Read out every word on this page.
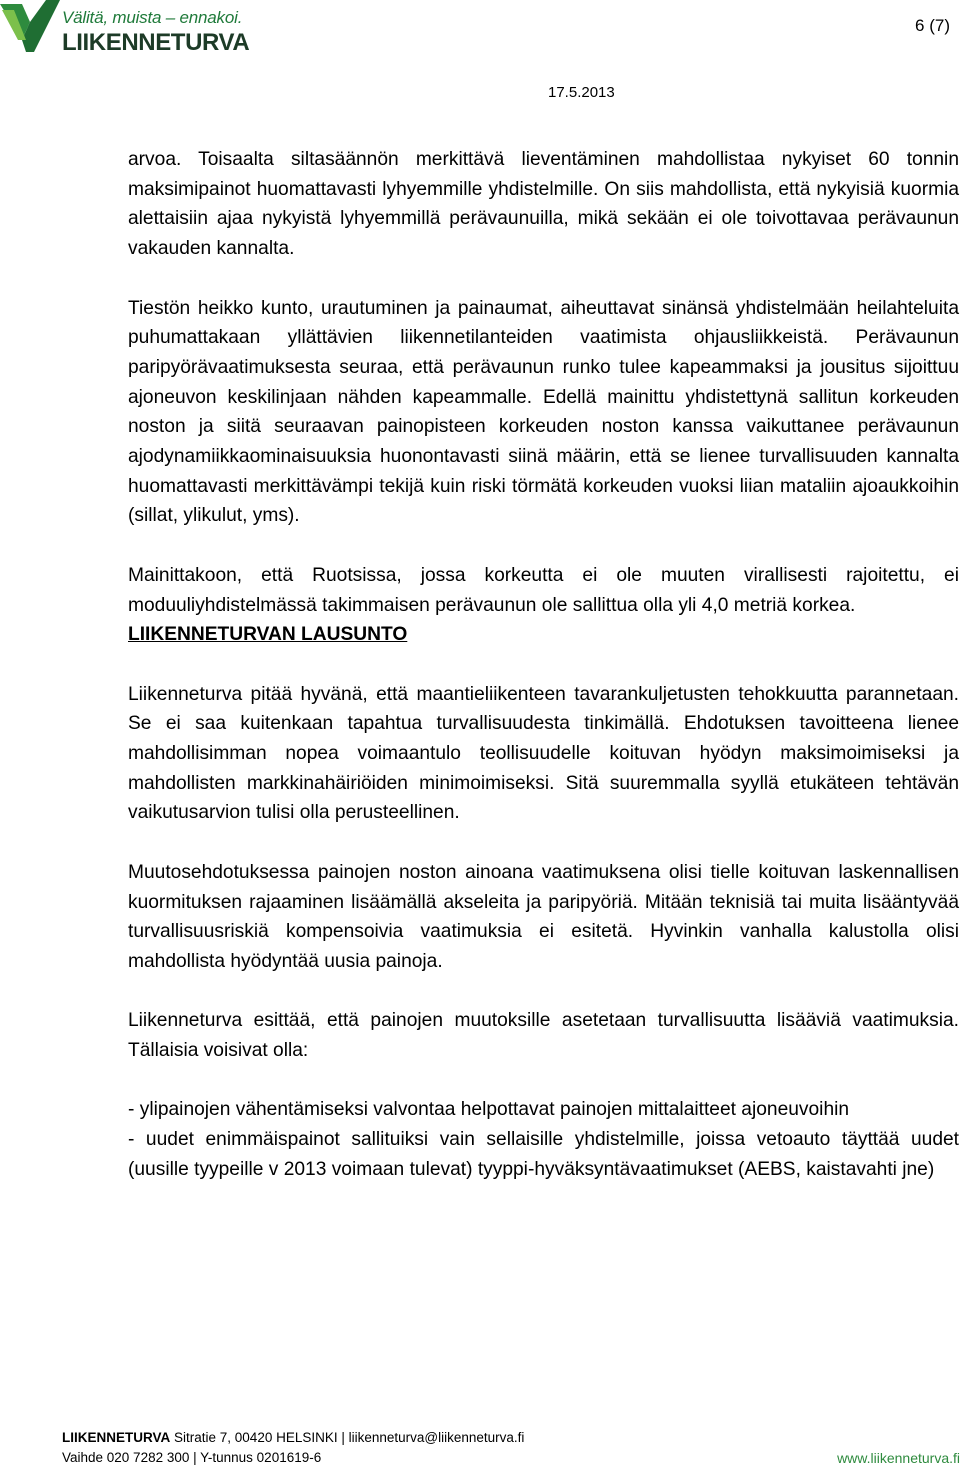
Välitä, muista – ennakoi.
LIIKENNETURVA
6 (7)
17.5.2013

arvoa. Toisaalta siltasäännön merkittävä lieventäminen mahdollistaa nykyiset 60 tonnin maksimipainot huomattavasti lyhyemmille yhdistelmille. On siis mahdollista, että nykyisiä kuormia alettaisiin ajaa nykyistä lyhyemmillä perävaunuilla, mikä sekään ei ole toivottavaa perävaunun vakauden kannalta.

Tiestön heikko kunto, urautuminen ja painaumat, aiheuttavat sinänsä yhdistelmään heilahteluita puhumattakaan yllättävien liikennetilanteiden vaatimista ohjausliikkeistä. Perävaunun paripyörävaatimuksesta seuraa, että perävaunun runko tulee kapeammaksi ja jousitus sijoittuu ajoneuvon keskilinjaan nähden kapeammalle. Edellä mainittu yhdistettynä sallitun korkeuden noston ja siitä seuraavan painopisteen korkeuden noston kanssa vaikuttanee perävaunun ajodynamiikkaominaisuuksia huonontavasti siinä määrin, että se lienee turvallisuuden kannalta huomattavasti merkittävämpi tekijä kuin riski törmätä korkeuden vuoksi liian mataliin ajoaukkoihin (sillat, ylikulut, yms).

Mainittakoon, että Ruotsissa, jossa korkeutta ei ole muuten virallisesti rajoitettu, ei moduuliyhdistelmässä takimmaisen perävaunun ole sallittua olla yli 4,0 metriä korkea.

LIIKENNETURVAN LAUSUNTO

Liikenneturva pitää hyvänä, että maantieliikenteen tavarankuljetusten tehokkuutta parannetaan. Se ei saa kuitenkaan tapahtua turvallisuudesta tinkimällä. Ehdotuksen tavoitteena lienee mahdollisimman nopea voimaantulo teollisuudelle koituvan hyödyn maksimoimiseksi ja mahdollisten markkinahäiriöiden minimoimiseksi. Sitä suuremmalla syyllä etukäteen tehtävän vaikutusarvion tulisi olla perusteellinen.

Muutosehdotuksessa painojen noston ainoana vaatimuksena olisi tielle koituvan laskennallisen kuormituksen rajaaminen lisäämällä akseleita ja paripyöriä. Mitään teknisiä tai muita lisääntyvää turvallisuusriskiä kompensoivia vaatimuksia ei esitetä. Hyvinkin vanhalla kalustolla olisi mahdollista hyödyntää uusia painoja.

Liikenneturva esittää, että painojen muutoksille asetetaan turvallisuutta lisääviä vaatimuksia. Tällaisia voisivat olla:

- ylipainojen vähentämiseksi valvontaa helpottavat painojen mittalaitteet ajoneuvoihin

- uudet enimmäispainot sallituiksi vain sellaisille yhdistelmille, joissa vetoauto täyttää uudet (uusille tyypeille v 2013 voimaan tulevat) tyyppi-hyväksyntävaatimukset (AEBS, kaistavahti jne)

LIIKENNETURVA Sitratie 7, 00420 HELSINKI | liikenneturva@liikenneturva.fi
Vaihde 020 7282 300 | Y-tunnus 0201619-6	www.liikenneturva.fi
